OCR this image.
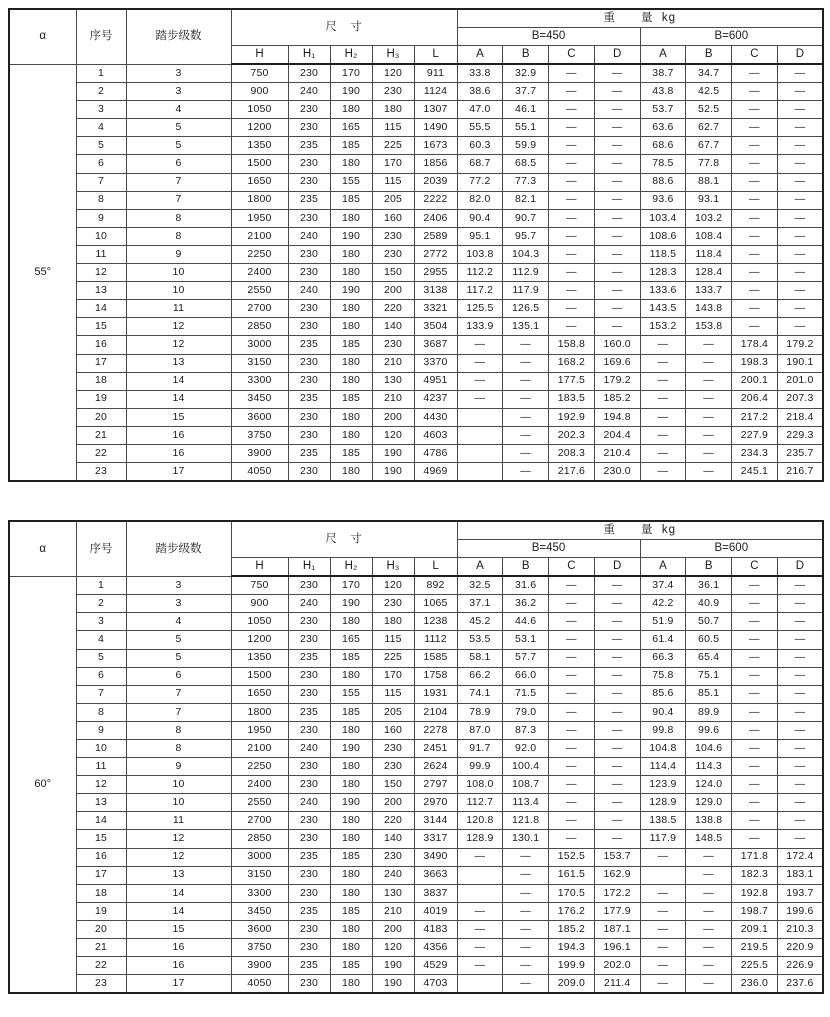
α	序号	踏步级数	尺　寸					重　　量  kg							
								B=450				B=600			
			H	H₁	H₂	H₃	L	A	B	C	D	A	B	C	D
55°	1	3	750	230	170	120	911	33.8	32.9	—	—	38.7	34.7	—	—
	2	3	900	240	190	230	1124	38.6	37.7	—	—	43.8	42.5	—	—
	3	4	1050	230	180	180	1307	47.0	46.1	—	—	53.7	52.5	—	—
	4	5	1200	230	165	115	1490	55.5	55.1	—	—	63.6	62.7	—	—
	5	5	1350	235	185	225	1673	60.3	59.9	—	—	68.6	67.7	—	—
	6	6	1500	230	180	170	1856	68.7	68.5	—	—	78.5	77.8	—	—
	7	7	1650	230	155	115	2039	77.2	77.3	—	—	88.6	88.1	—	—
	8	7	1800	235	185	205	2222	82.0	82.1	—	—	93.6	93.1	—	—
	9	8	1950	230	180	160	2406	90.4	90.7	—	—	103.4	103.2	—	—
	10	8	2100	240	190	230	2589	95.1	95.7	—	—	108.6	108.4	—	—
	11	9	2250	230	180	230	2772	103.8	104.3	—	—	118.5	118.4	—	—
	12	10	2400	230	180	150	2955	112.2	112.9	—	—	128.3	128.4	—	—
	13	10	2550	240	190	200	3138	117.2	117.9	—	—	133.6	133.7	—	—
	14	11	2700	230	180	220	3321	125.5	126.5	—	—	143.5	143.8	—	—
	15	12	2850	230	180	140	3504	133.9	135.1	—	—	153.2	153.8	—	—
	16	12	3000	235	185	230	3687	—	—	158.8	160.0	—	—	178.4	179.2
	17	13	3150	230	180	210	3370	—	—	168.2	169.6	—	—	198.3	190.1
	18	14	3300	230	180	130	4951	—	—	177.5	179.2	—	—	200.1	201.0
	19	14	3450	235	185	210	4237	—	—	183.5	185.2	—	—	206.4	207.3
	20	15	3600	230	180	200	4430		—	192.9	194.8	—	—	217.2	218.4
	21	16	3750	230	180	120	4603		—	202.3	204.4	—	—	227.9	229.3
	22	16	3900	235	185	190	4786		—	208.3	210.4	—	—	234.3	235.7
	23	17	4050	230	180	190	4969		—	217.6	230.0	—	—	245.1	216.7
α	序号	踏步级数	尺　寸					重　　量  kg							
								B=450				B=600			
			H	H₁	H₂	H₃	L	A	B	C	D	A	B	C	D
60°	1	3	750	230	170	120	892	32.5	31.6	—	—	37.4	36.1	—	—
	2	3	900	240	190	230	1065	37.1	36.2	—	—	42.2	40.9	—	—
	3	4	1050	230	180	180	1238	45.2	44.6	—	—	51.9	50.7	—	—
	4	5	1200	230	165	115	1112	53.5	53.1	—	—	61.4	60.5	—	—
	5	5	1350	235	185	225	1585	58.1	57.7	—	—	66.3	65.4	—	—
	6	6	1500	230	180	170	1758	66.2	66.0	—	—	75.8	75.1	—	—
	7	7	1650	230	155	115	1931	74.1	71.5	—	—	85.6	85.1	—	—
	8	7	1800	235	185	205	2104	78.9	79.0	—	—	90.4	89.9	—	—
	9	8	1950	230	180	160	2278	87.0	87.3	—	—	99.8	99.6	—	—
	10	8	2100	240	190	230	2451	91.7	92.0	—	—	104.8	104.6	—	—
	11	9	2250	230	180	230	2624	99.9	100.4	—	—	114.4	114.3	—	—
	12	10	2400	230	180	150	2797	108.0	108.7	—	—	123.9	124.0	—	—
	13	10	2550	240	190	200	2970	112.7	113.4	—	—	128.9	129.0	—	—
	14	11	2700	230	180	220	3144	120.8	121.8	—	—	138.5	138.8	—	—
	15	12	2850	230	180	140	3317	128.9	130.1	—	—	117.9	148.5	—	—
	16	12	3000	235	185	230	3490	—	—	152.5	153.7	—	—	171.8	172.4
	17	13	3150	230	180	240	3663		—	161.5	162.9		—	182.3	183.1
	18	14	3300	230	180	130	3837		—	170.5	172.2	—	—	192.8	193.7
	19	14	3450	235	185	210	4019	—	—	176.2	177.9	—	—	198.7	199.6
	20	15	3600	230	180	200	4183	—	—	185.2	187.1	—	—	209.1	210.3
	21	16	3750	230	180	120	4356	—	—	194.3	196.1	—	—	219.5	220.9
	22	16	3900	235	185	190	4529	—	—	199.9	202.0	—	—	225.5	226.9
	23	17	4050	230	180	190	4703		—	209.0	211.4	—	—	236.0	237.6
